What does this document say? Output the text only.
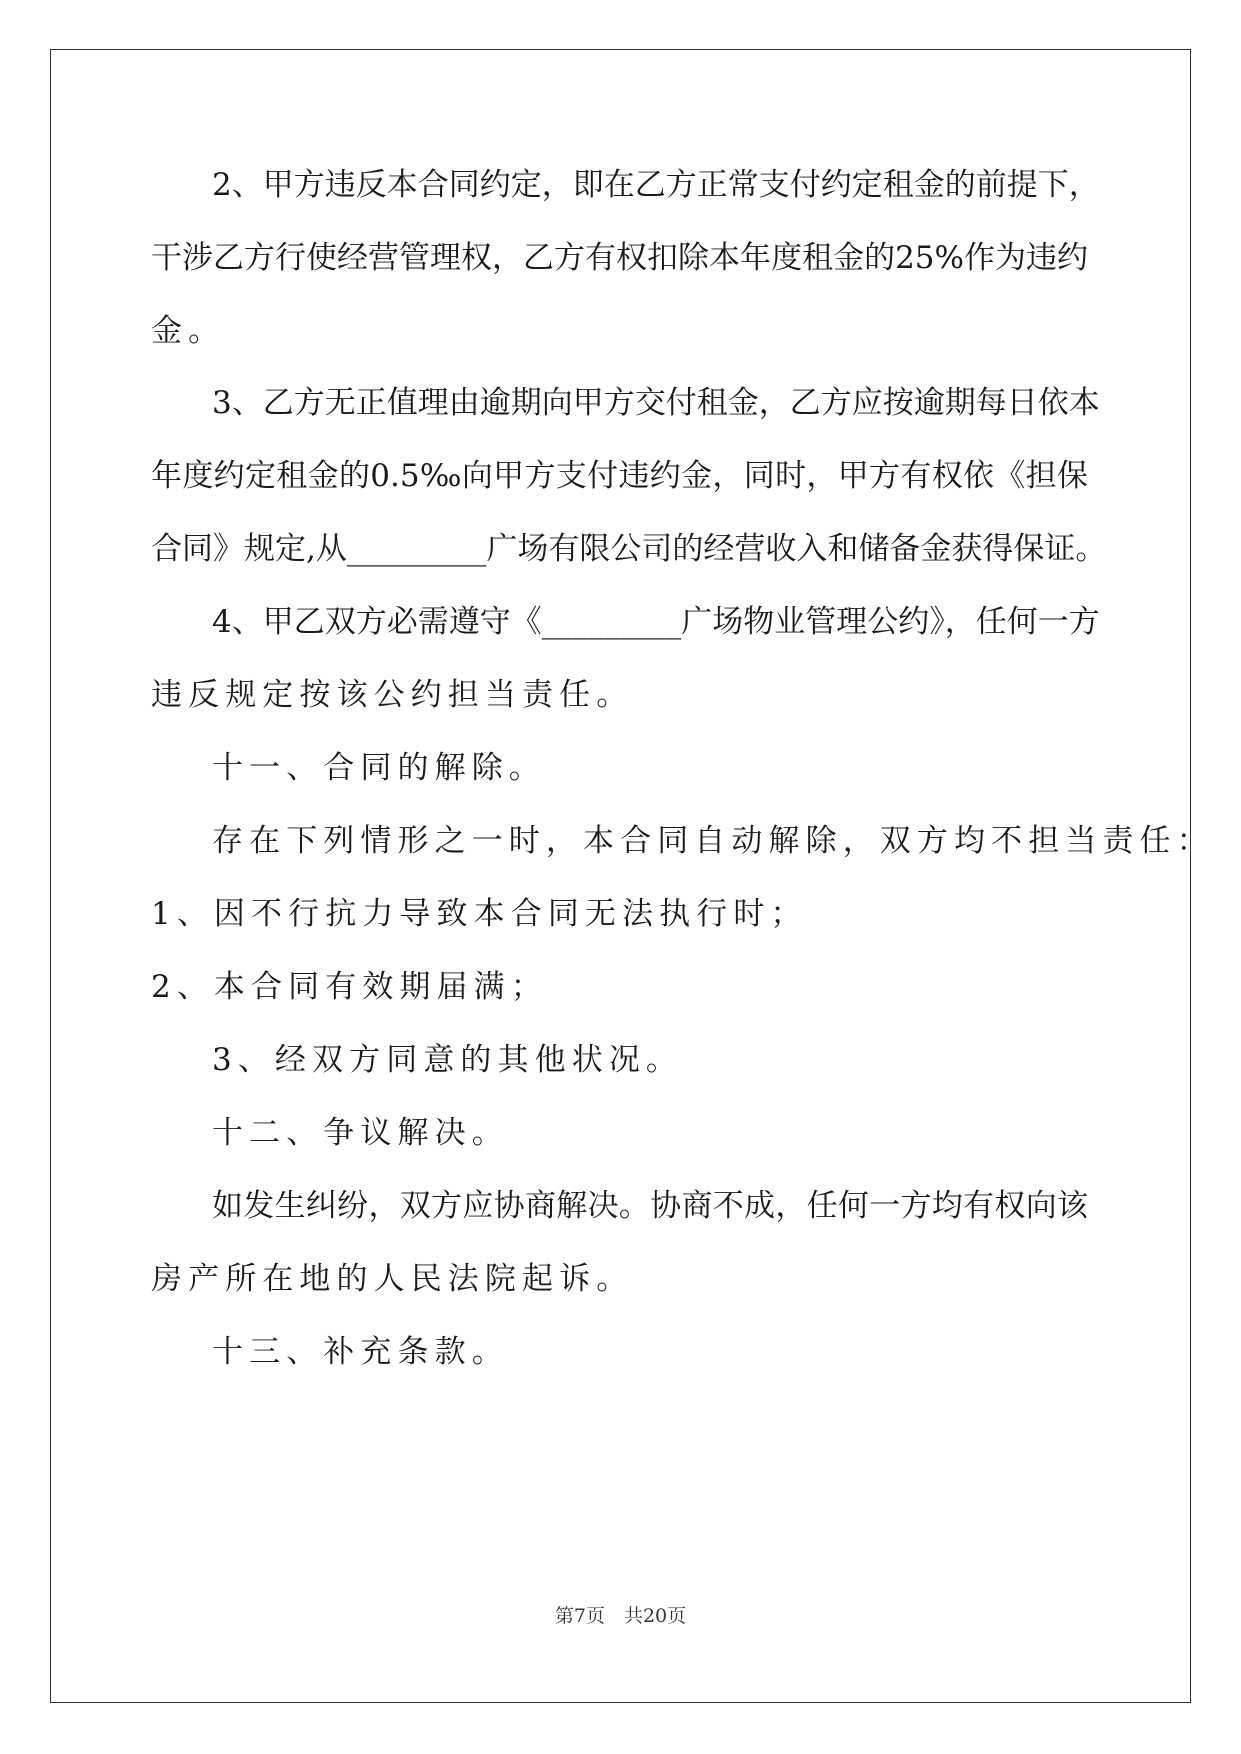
2、甲方违反本合同约定，即在乙方正常支付约定租金的前提下，
干涉乙方行使经营管理权，乙方有权扣除本年度租金的25%作为违约
金。
3、乙方无正值理由逾期向甲方交付租金，乙方应按逾期每日依本
年度约定租金的0.5‰向甲方支付违约金，同时，甲方有权依《担保
合同》规定,从_________广场有限公司的经营收入和储备金获得保证。
4、甲乙双方必需遵守《_________广场物业管理公约》，任何一方
违反规定按该公约担当责任。
十一、合同的解除。
存在下列情形之一时，本合同自动解除，双方均不担当责任：
1、因不行抗力导致本合同无法执行时；
2、本合同有效期届满；
3、经双方同意的其他状况。
十二、争议解决。
如发生纠纷，双方应协商解决。协商不成，任何一方均有权向该
房产所在地的人民法院起诉。
十三、补充条款。
第7页　共20页
